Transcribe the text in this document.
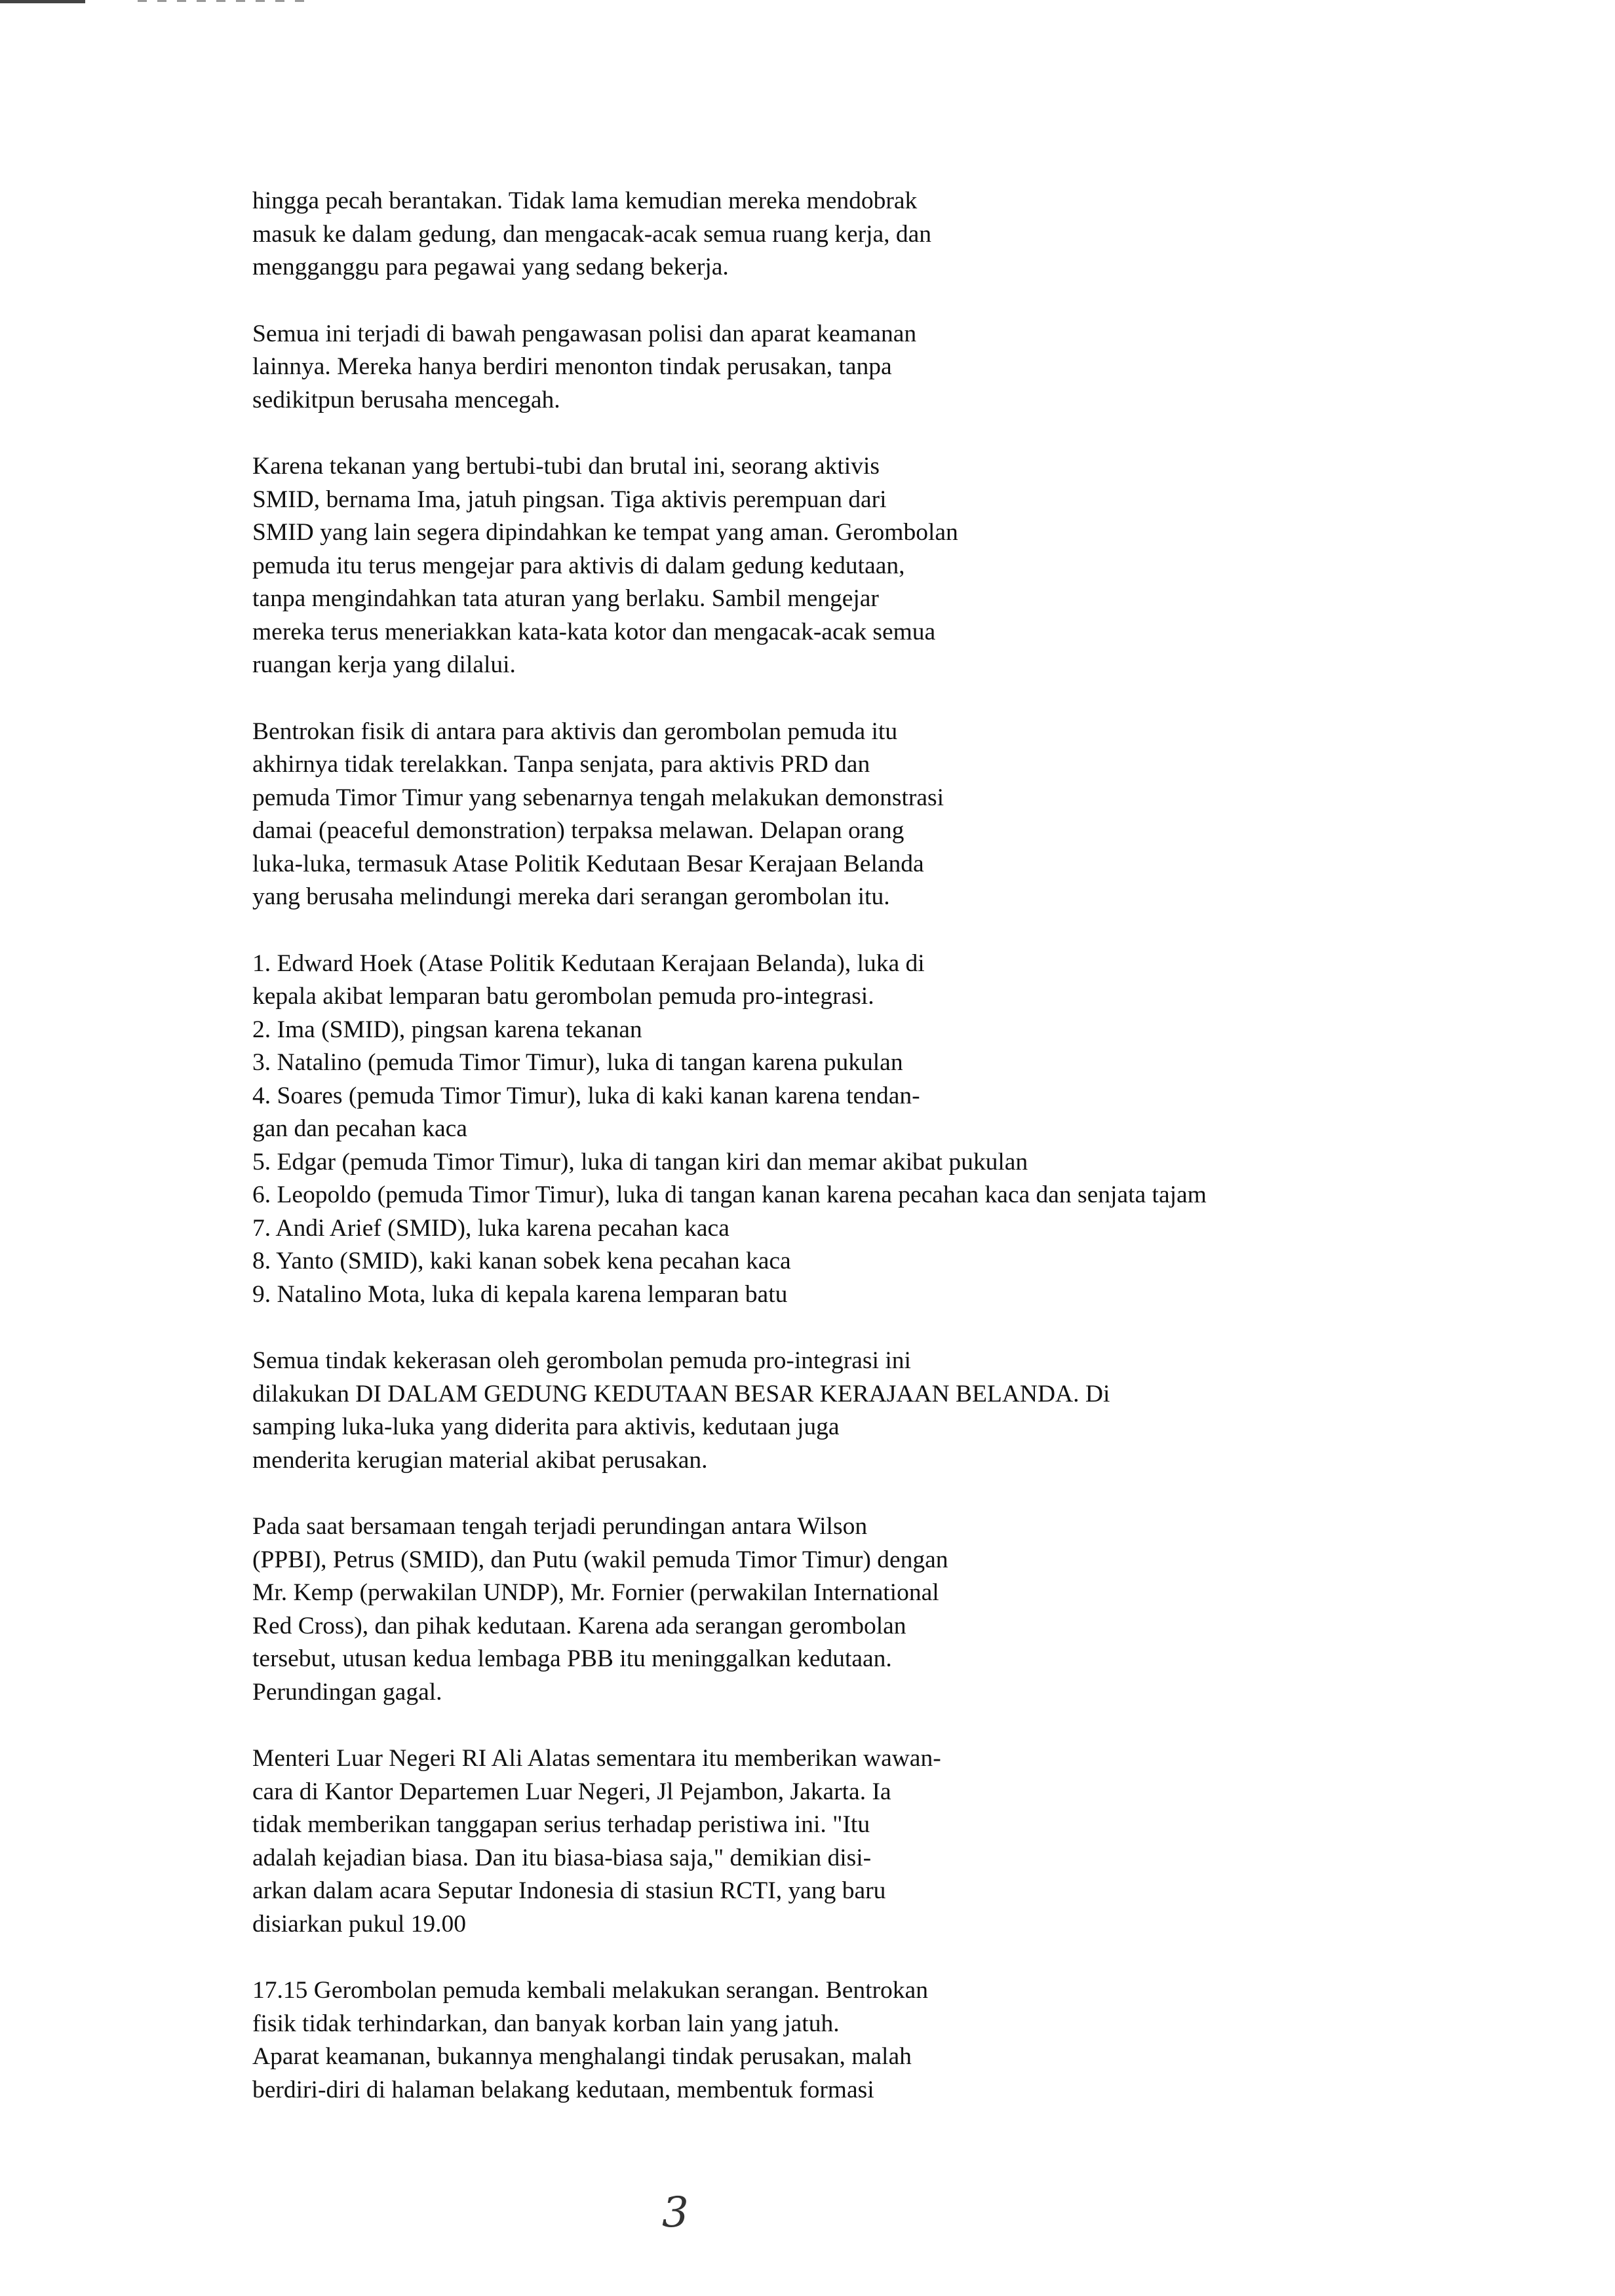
hingga pecah berantakan. Tidak lama kemudian mereka mendobrak
masuk ke dalam gedung, dan mengacak-acak semua ruang kerja, dan
mengganggu para pegawai yang sedang bekerja.
Semua ini terjadi di bawah pengawasan polisi dan aparat keamanan
lainnya. Mereka hanya berdiri menonton tindak perusakan, tanpa
sedikitpun berusaha mencegah.
Karena tekanan yang bertubi-tubi dan brutal ini, seorang aktivis
SMID, bernama Ima, jatuh pingsan. Tiga aktivis perempuan dari
SMID yang lain segera dipindahkan ke tempat yang aman. Gerombolan
pemuda itu terus mengejar para aktivis di dalam gedung kedutaan,
tanpa mengindahkan tata aturan yang berlaku. Sambil mengejar
mereka terus meneriakkan kata-kata kotor dan mengacak-acak semua
ruangan kerja yang dilalui.
Bentrokan fisik di antara para aktivis dan gerombolan pemuda itu
akhirnya tidak terelakkan. Tanpa senjata, para aktivis PRD dan
pemuda Timor Timur yang sebenarnya tengah melakukan demonstrasi
damai (peaceful demonstration) terpaksa melawan. Delapan orang
luka-luka, termasuk Atase Politik Kedutaan Besar Kerajaan Belanda
yang berusaha melindungi mereka dari serangan gerombolan itu.
1. Edward Hoek (Atase Politik Kedutaan Kerajaan Belanda), luka di
kepala akibat lemparan batu gerombolan pemuda pro-integrasi.
2. Ima (SMID), pingsan karena tekanan
3. Natalino (pemuda Timor Timur), luka di tangan karena pukulan
4. Soares (pemuda Timor Timur), luka di kaki kanan karena tendan-
gan dan pecahan kaca
5. Edgar (pemuda Timor Timur), luka di tangan kiri dan memar akibat pukulan
6. Leopoldo (pemuda Timor Timur), luka di tangan kanan karena pecahan kaca dan senjata tajam
7. Andi Arief (SMID), luka karena pecahan kaca
8. Yanto (SMID), kaki kanan sobek kena pecahan kaca
9. Natalino Mota, luka di kepala karena lemparan batu
Semua tindak kekerasan oleh gerombolan pemuda pro-integrasi ini
dilakukan DI DALAM GEDUNG KEDUTAAN BESAR KERAJAAN BELANDA. Di
samping luka-luka yang diderita para aktivis, kedutaan juga
menderita kerugian material akibat perusakan.
Pada saat bersamaan tengah terjadi perundingan antara Wilson
(PPBI), Petrus (SMID), dan Putu (wakil pemuda Timor Timur) dengan
Mr. Kemp (perwakilan UNDP), Mr. Fornier (perwakilan International
Red Cross), dan pihak kedutaan. Karena ada serangan gerombolan
tersebut, utusan kedua lembaga PBB itu meninggalkan kedutaan.
Perundingan gagal.
Menteri Luar Negeri RI Ali Alatas sementara itu memberikan wawan-
cara di Kantor Departemen Luar Negeri, Jl Pejambon, Jakarta. Ia
tidak memberikan tanggapan serius terhadap peristiwa ini. "Itu
adalah kejadian biasa. Dan itu biasa-biasa saja," demikian disi-
arkan dalam acara Seputar Indonesia di stasiun RCTI, yang baru
disiarkan pukul 19.00
17.15 Gerombolan pemuda kembali melakukan serangan. Bentrokan
fisik tidak terhindarkan, dan banyak korban lain yang jatuh.
Aparat keamanan, bukannya menghalangi tindak perusakan, malah
berdiri-diri di halaman belakang kedutaan, membentuk formasi
3
